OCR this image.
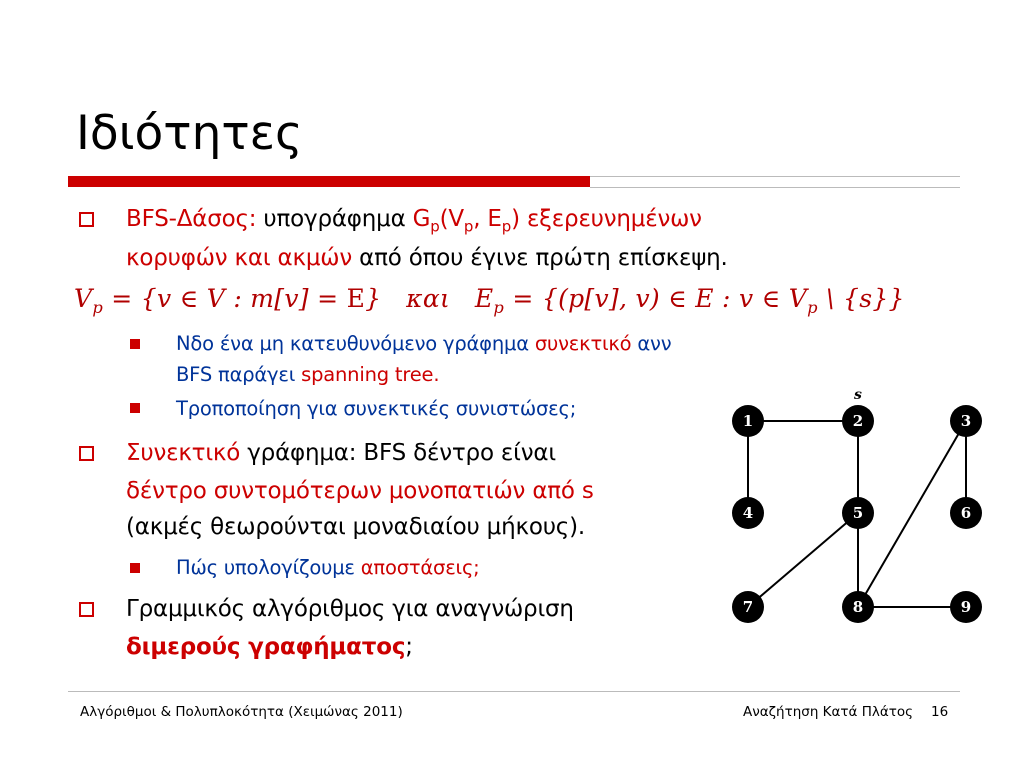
Ιδιότητες
BFS-Δάσος: υπογράφημα $G_p(V_p$, $E_p$) εξερευνημένων
κορυφών και ακμών από όπου έγινε πρώτη επίσκεψη.
$V_p = \{v$ ∈ V : m[v] = E} και $E_p = \{(p[v]$, v) ∈ E : v ∈ $V_p$ \ {s}}
Νδο ένα μη κατευθυνόμενο γράφημα συνεκτικό ανν
BFS παράγει spanning tree.
Τροποποίηση για συνεκτικές συνιστώσες;
Συνεκτικό γράφημα: BFS δέντρο είναι
δέντρο συντομότερων μονοπατιών από s
(ακμές θεωρούνται μοναδιαίου μήκους).
Πώς υπολογίζουμε αποστάσεις;
Γραμμικός αλγόριθμος για αναγνώριση
διμερούς γραφήματος;
s
1	2	3
4	5	6
7	8	9
Αλγόριθμοι & Πολυπλοκότητα (Χειμώνας 2011)	Αναζήτηση Κατά Πλάτος 16
